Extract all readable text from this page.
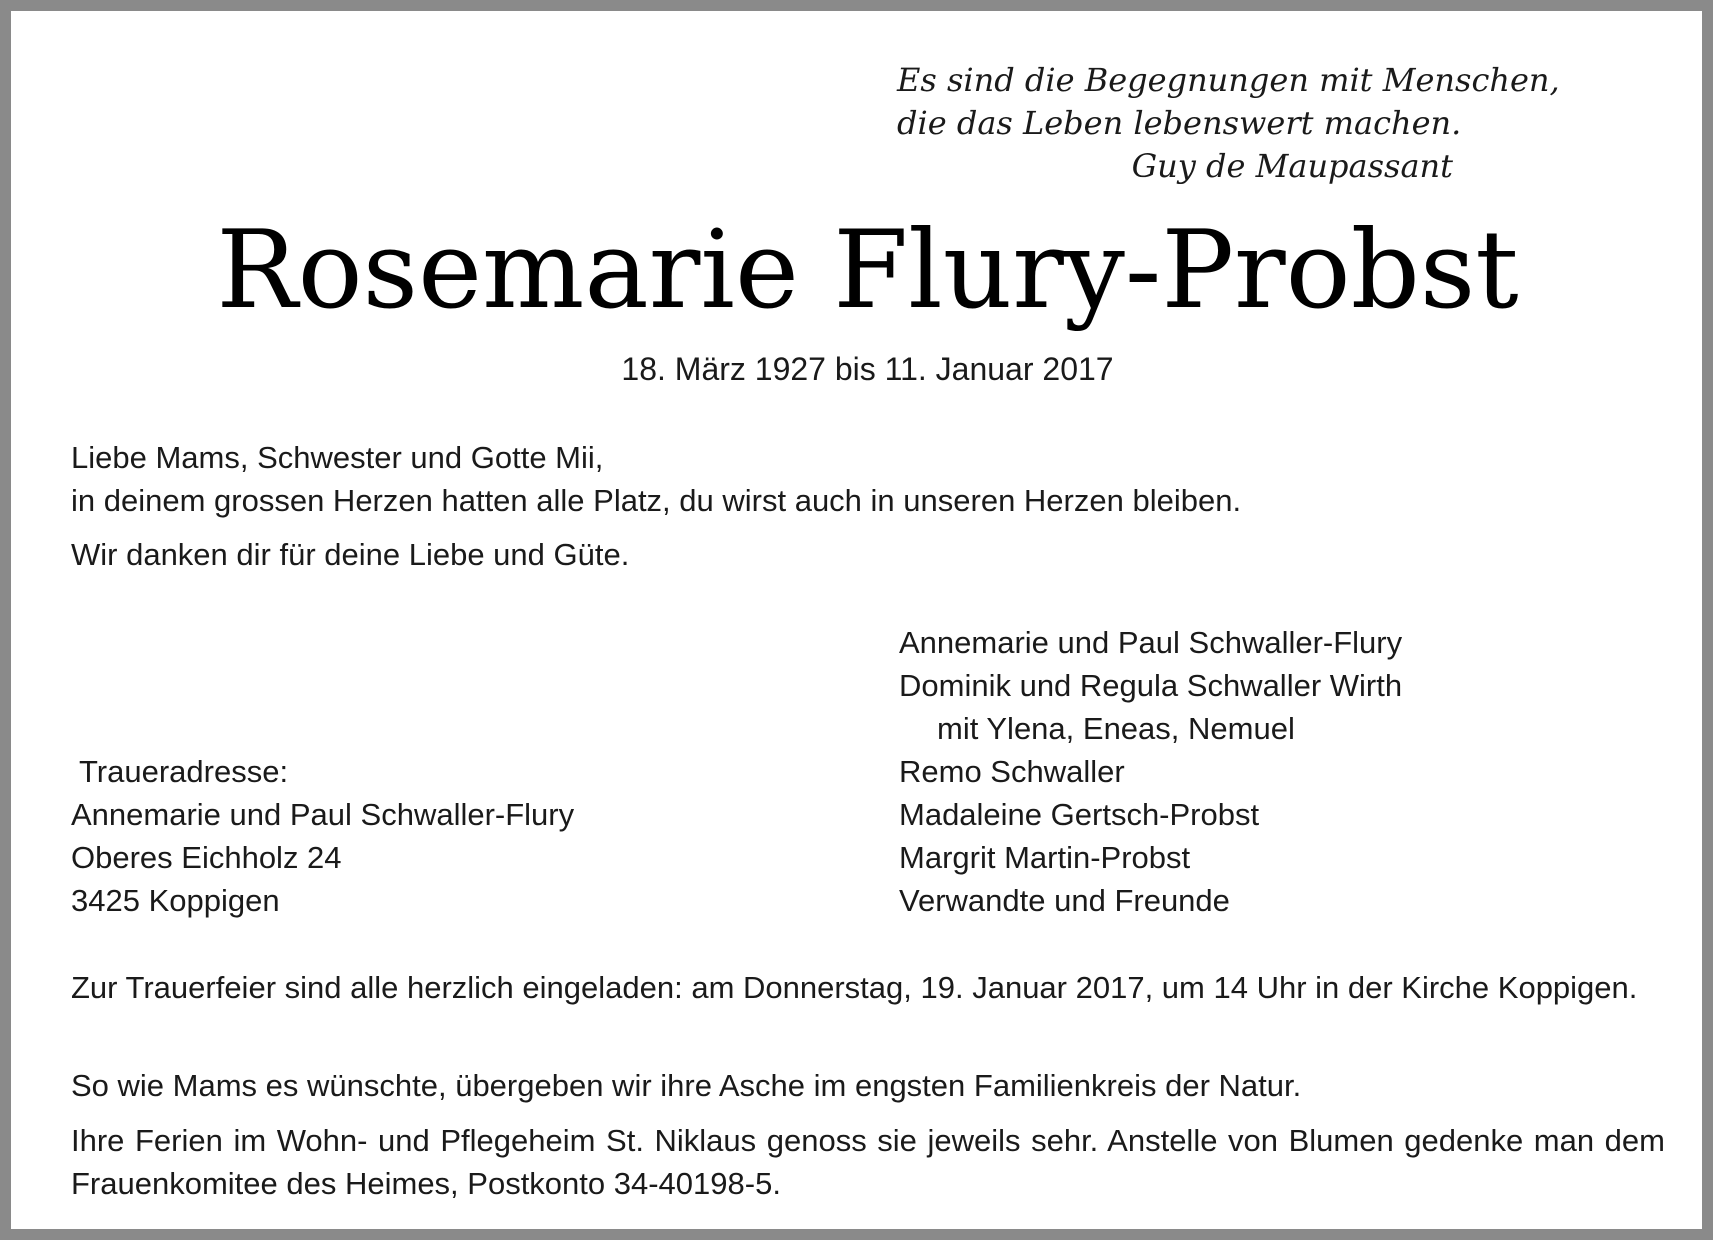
Es sind die Begegnungen mit Menschen,
die das Leben lebenswert machen.
Guy de Maupassant
Rosemarie Flury-Probst
18. März 1927 bis 11. Januar 2017
Liebe Mams, Schwester und Gotte Mii,
in deinem grossen Herzen hatten alle Platz, du wirst auch in unseren Herzen bleiben.
Wir danken dir für deine Liebe und Güte.
Annemarie und Paul Schwaller-Flury
Dominik und Regula Schwaller Wirth
mit Ylena, Eneas, Nemuel
Remo Schwaller
Madaleine Gertsch-Probst
Margrit Martin-Probst
Verwandte und Freunde
Traueradresse:
Annemarie und Paul Schwaller-Flury
Oberes Eichholz 24
3425 Koppigen
Zur Trauerfeier sind alle herzlich eingeladen: am Donnerstag, 19. Januar 2017, um 14 Uhr in der Kirche Koppigen.
So wie Mams es wünschte, übergeben wir ihre Asche im engsten Familienkreis der Natur.
Ihre Ferien im Wohn- und Pflegeheim St. Niklaus genoss sie jeweils sehr. Anstelle von Blumen gedenke man dem Frauenkomitee des Heimes, Postkonto 34-40198-5.
